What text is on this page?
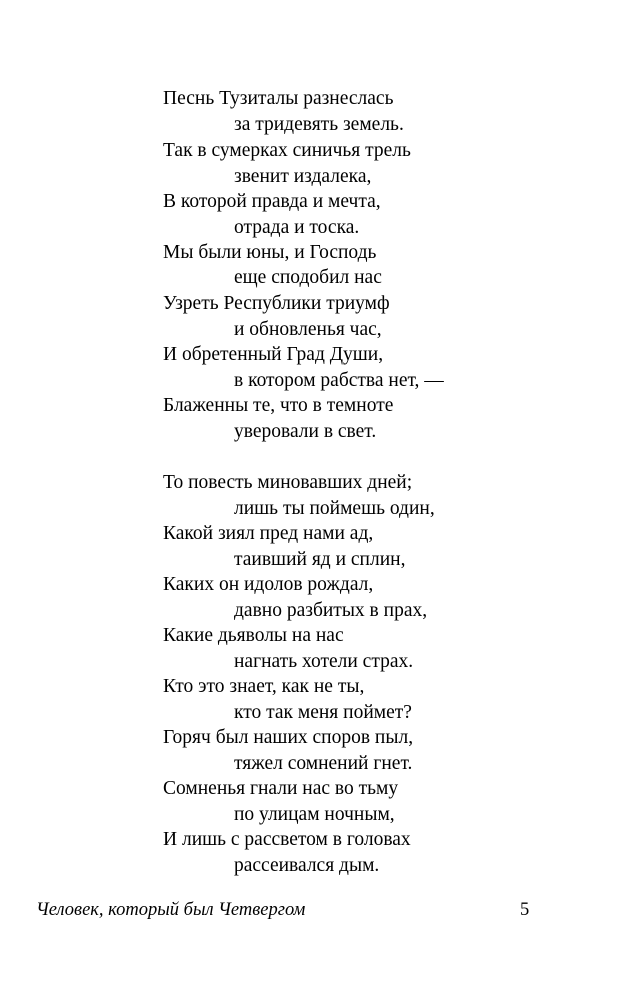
Песнь Тузиталы разнеслась
за тридевять земель.
Так в сумерках синичья трель
звенит издалека,
В которой правда и мечта,
отрада и тоска.
Мы были юны, и Господь
еще сподобил нас
Узреть Республики триумф
и обновленья час,
И обретенный Град Души,
в котором рабства нет, —
Блаженны те, что в темноте
уверовали в свет.
То повесть миновавших дней;
лишь ты поймешь один,
Какой зиял пред нами ад,
таивший яд и сплин,
Каких он идолов рождал,
давно разбитых в прах,
Какие дьяволы на нас
нагнать хотели страх.
Кто это знает, как не ты,
кто так меня поймет?
Горяч был наших споров пыл,
тяжел сомнений гнет.
Сомненья гнали нас во тьму
по улицам ночным,
И лишь с рассветом в головах
рассеивался дым.
Человек, который был Четвергом	5
